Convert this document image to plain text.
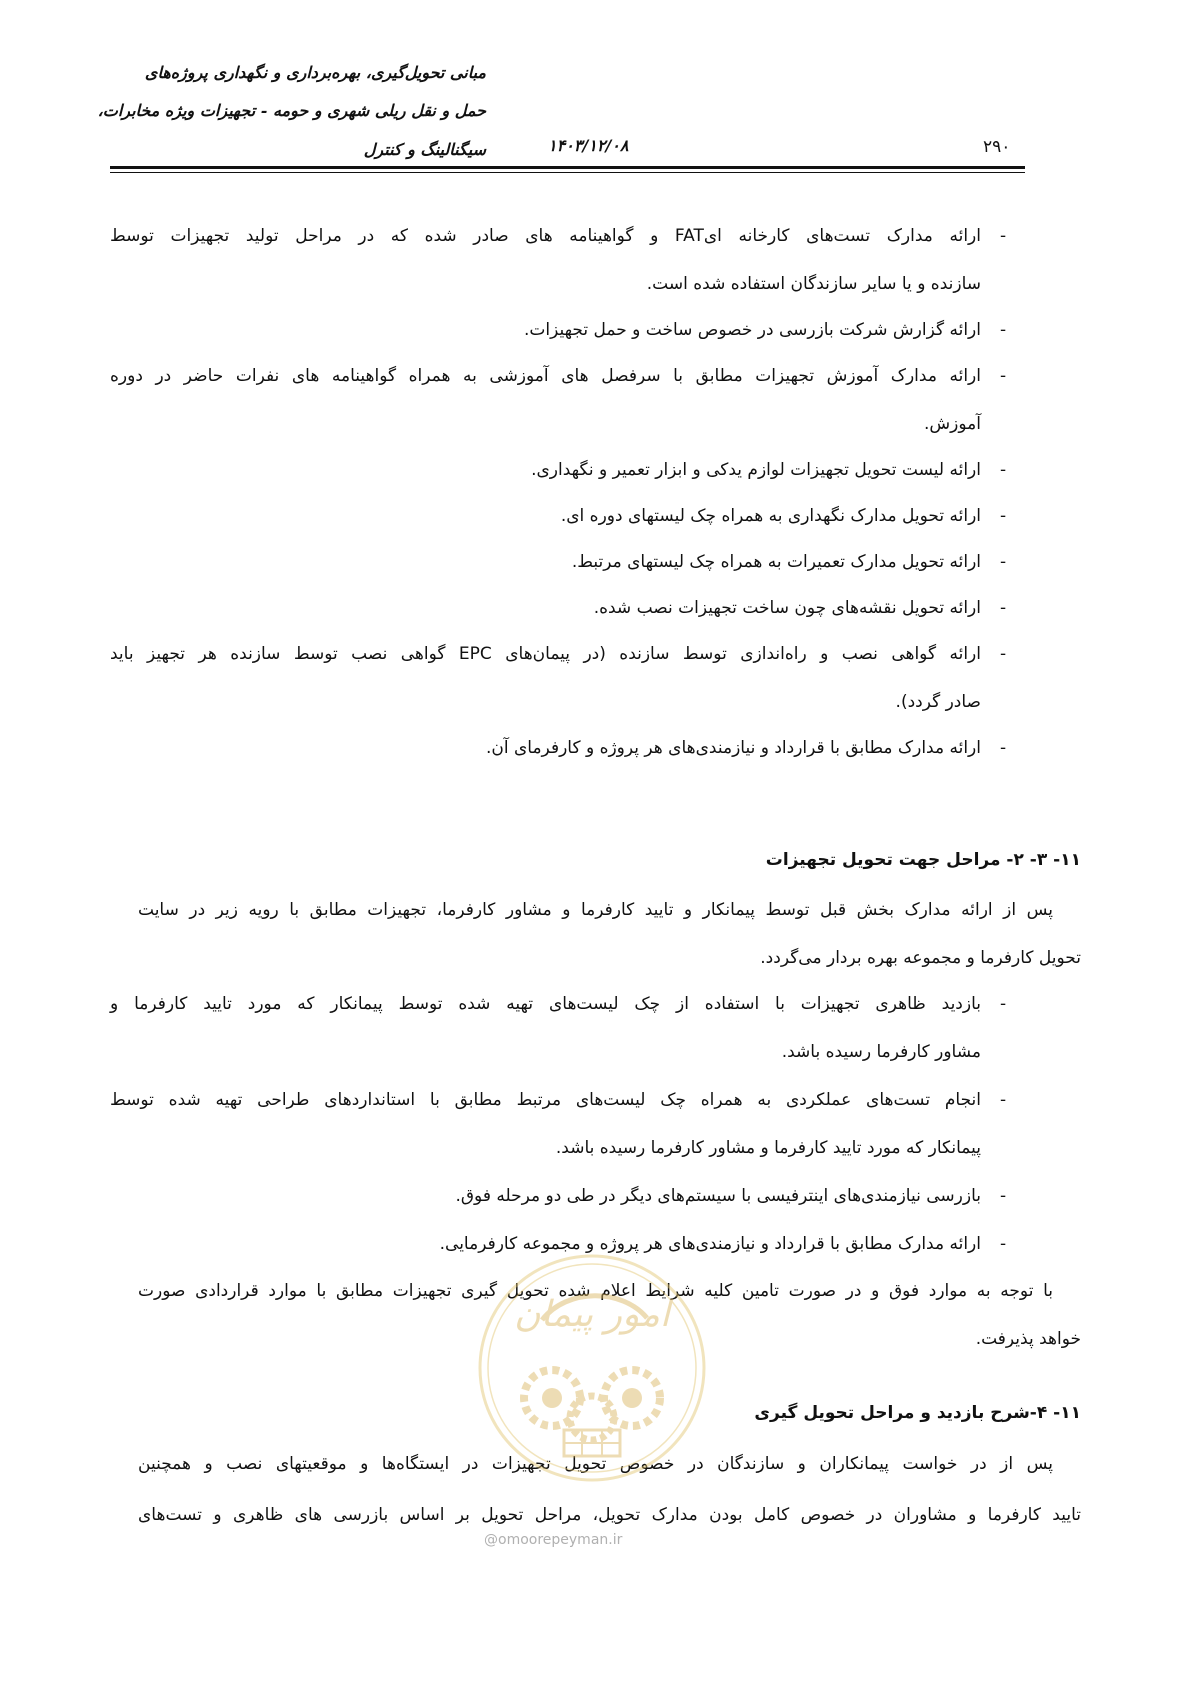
مبانی تحویل‌گیری، بهره‌برداری و نگهداری پروژه‌های
حمل و نقل ریلی شهری و حومه - تجهیزات ویژه مخابرات،
سیگنالینگ و کنترل	۱۴۰۳/۱۲/۰۸	۲۹۰
-
ارائه مدارک تست‌های کارخانه ای‌FAT و گواهینامه های صادر شده که در مراحل تولید تجهیزات توسط
سازنده و یا سایر سازندگان استفاده شده است.
-
ارائه گزارش شرکت بازرسی در خصوص ساخت و حمل تجهیزات.
-
ارائه مدارک آموزش تجهیزات مطابق با سرفصل های آموزشی به همراه گواهینامه های نفرات حاضر در دوره
آموزش.
-
ارائه لیست تحویل تجهیزات لوازم یدکی و ابزار تعمیر و نگهداری.
-
ارائه تحویل مدارک نگهداری به همراه چک لیستهای دوره ای.
-
ارائه تحویل مدارک تعمیرات به همراه چک لیستهای مرتبط.
-
ارائه تحویل نقشه‌های چون ساخت تجهیزات نصب شده.
-
ارائه گواهی نصب و راه‌اندازی توسط سازنده (در پیمان‌های EPC گواهی نصب توسط سازنده هر تجهیز باید
صادر گردد).
-
ارائه مدارک مطابق با قرارداد و نیازمندی‌های هر پروژه و کارفرمای آن.
۱۱- ۳- ۲- مراحل جهت تحویل تجهیزات
پس از ارائه مدارک بخش قبل توسط پیمانکار و تایید کارفرما و مشاور کارفرما، تجهیزات مطابق با رویه زیر در سایت
تحویل کارفرما و مجموعه بهره بردار می‌گردد.
-
بازدید ظاهری تجهیزات با استفاده از چک لیست‌های تهیه شده توسط پیمانکار که مورد تایید کارفرما و
مشاور کارفرما رسیده باشد.
-
انجام تست‌های عملکردی به همراه چک لیست‌های مرتبط مطابق با استانداردهای طراحی تهیه شده توسط
پیمانکار که مورد تایید کارفرما و مشاور کارفرما رسیده باشد.
-
بازرسی نیازمندی‌های اینترفیسی با سیستم‌های دیگر در طی دو مرحله فوق.
-
ارائه مدارک مطابق با قرارداد و نیازمندی‌های هر پروژه و مجموعه کارفرمایی.
با توجه به موارد فوق و در صورت تامین کلیه شرایط اعلام شده تحویل گیری تجهیزات مطابق با موارد قراردادی صورت
خواهد پذیرفت.
۱۱- ۴-شرح بازدید و مراحل تحویل گیری
پس از در خواست پیمانکاران و سازندگان در خصوص تحویل تجهیزات در ایستگاه‌ها و موقعیتهای نصب و همچنین
تایید کارفرما و مشاوران در خصوص کامل بودن مدارک تحویل، مراحل تحویل بر اساس بازرسی های ظاهری و تست‌های
امور پیمان
@omoorepeyman.ir
